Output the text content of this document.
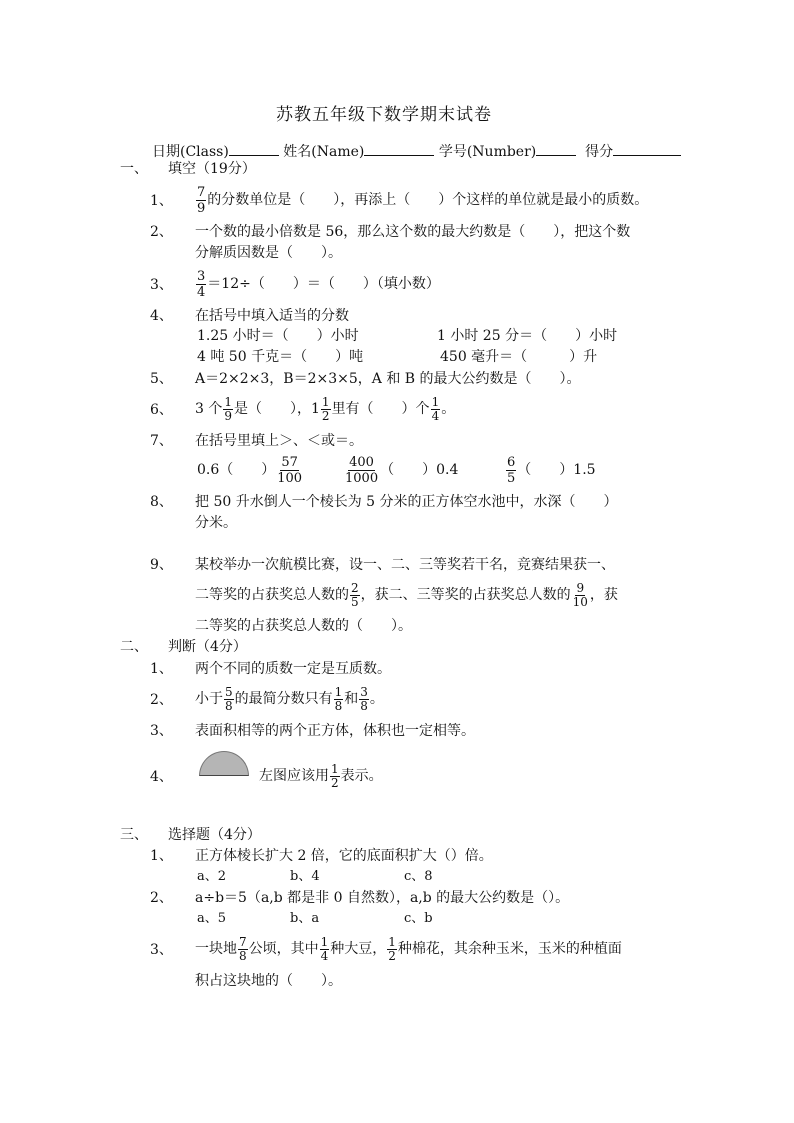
苏教五年级下数学期末试卷
日期(Class)	姓名(Name)	学号(Number)	得分
一、 填空（19分）
1、 $\frac{7}{9}$ 的分数单位是（　　），再添上（　　）个这样的单位就是最小的质数。
2、 一个数的最小倍数是 56，那么这个数的最大约数是（　　），把这个数
分解质因数是（　　）。
3、 $\frac{3}{4} =12\div$（　　）＝（　　）（填小数）
4、 在括号中填入适当的分数
1.25 小时＝（　　）小时	1 小时 25 分＝（　　）小时
4 吨 50 千克＝（　　）吨	450 毫升＝（　　　）升
5、 A＝2×2×3，B＝2×3×5，A 和 B 的最大公约数是（　　）。
6、 3 个 $\frac{1}{9}$ 是（　　），$1 \frac{1}{2}$ 里有（　　）个 $\frac{1}{4}$ 。
7、 在括号里填上＞、＜或＝。
0.6（　　） $\frac{57}{100}$	$\frac{400}{1000}$ （　　）0.4	$\frac{6}{5}$ （　　）1.5
8、 把 50 升水倒人一个棱长为 5 分米的正方体空水池中，水深（　　）
分米。
9、 某校举办一次航模比赛，设一、二、三等奖若干名，竞赛结果获一、
二等奖的占获奖总人数的 $\frac{2}{5}$ ，获二、三等奖的占获奖总人数的 $\frac{9}{10}$ ，获
二等奖的占获奖总人数的（　　）。
二、 判断（4分）
1、 两个不同的质数一定是互质数。
2、 小于 $\frac{5}{8}$ 的最简分数只有 $\frac{1}{8}$ 和 $\frac{3}{8}$ 。
3、 表面积相等的两个正方体，体积也一定相等。
4、	左图应该用 $\frac{1}{2}$ 表示。
三、 选择题（4分）
1、 正方体棱长扩大 2 倍，它的底面积扩大（）倍。
a、2	b、4	c、8
2、 a÷b＝5（a,b 都是非 0 自然数），a,b 的最大公约数是（）。
a、5	b、a	c、b
3、 一块地 $\frac{7}{8}$ 公顷，其中 $\frac{1}{4}$ 种大豆， $\frac{1}{2}$ 种棉花，其余种玉米，玉米的种植面
积占这块地的（　　）。
